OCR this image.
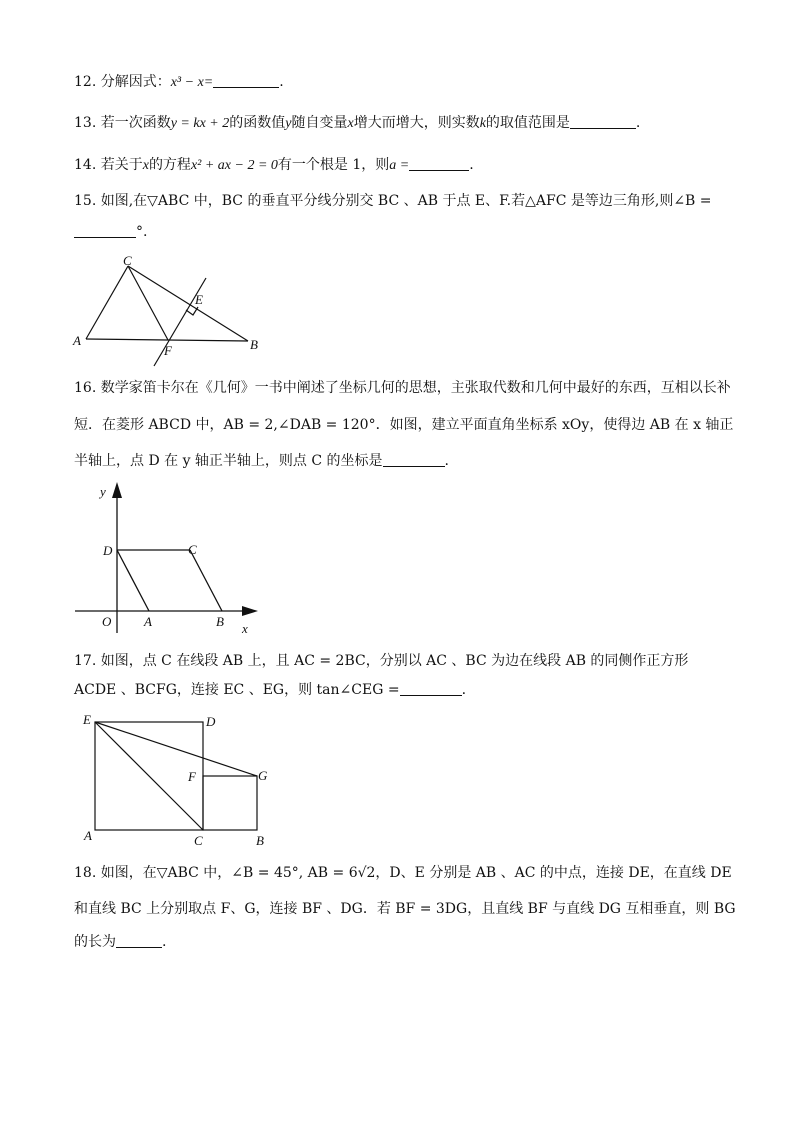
12. 分解因式：x³ − x=	.
13. 若一次函数y = kx + 2的函数值y随自变量x增大而增大，则实数k的取值范围是	.
14. 若关于x的方程x² + ax − 2 = 0有一个根是 1，则a =	.
15. 如图,在▽ABC 中，BC 的垂直平分线分别交 BC 、AB 于点 E、F.若△AFC 是等边三角形,则∠B =
°.
C
E
A
F	B
16. 数学家笛卡尔在《几何》一书中阐述了坐标几何的思想，主张取代数和几何中最好的东西，互相以长补
短．在菱形 ABCD 中，AB = 2,∠DAB = 120°．如图，建立平面直角坐标系 xOy，使得边 AB 在 x 轴正
半轴上，点 D 在 y 轴正半轴上，则点 C 的坐标是	.
y
D	C
O	A	B x
17. 如图，点 C 在线段 AB 上，且 AC = 2BC，分别以 AC 、BC 为边在线段 AB 的同侧作正方形
ACDE 、BCFG，连接 EC 、EG，则 tan∠CEG =	.
E	D
F	G
A	C	B
18. 如图，在▽ABC 中，∠B = 45°, AB = 6√2，D、E 分别是 AB 、AC 的中点，连接 DE，在直线 DE
和直线 BC 上分别取点 F、G，连接 BF 、DG．若 BF = 3DG，且直线 BF 与直线 DG 互相垂直，则 BG
的长为	.
